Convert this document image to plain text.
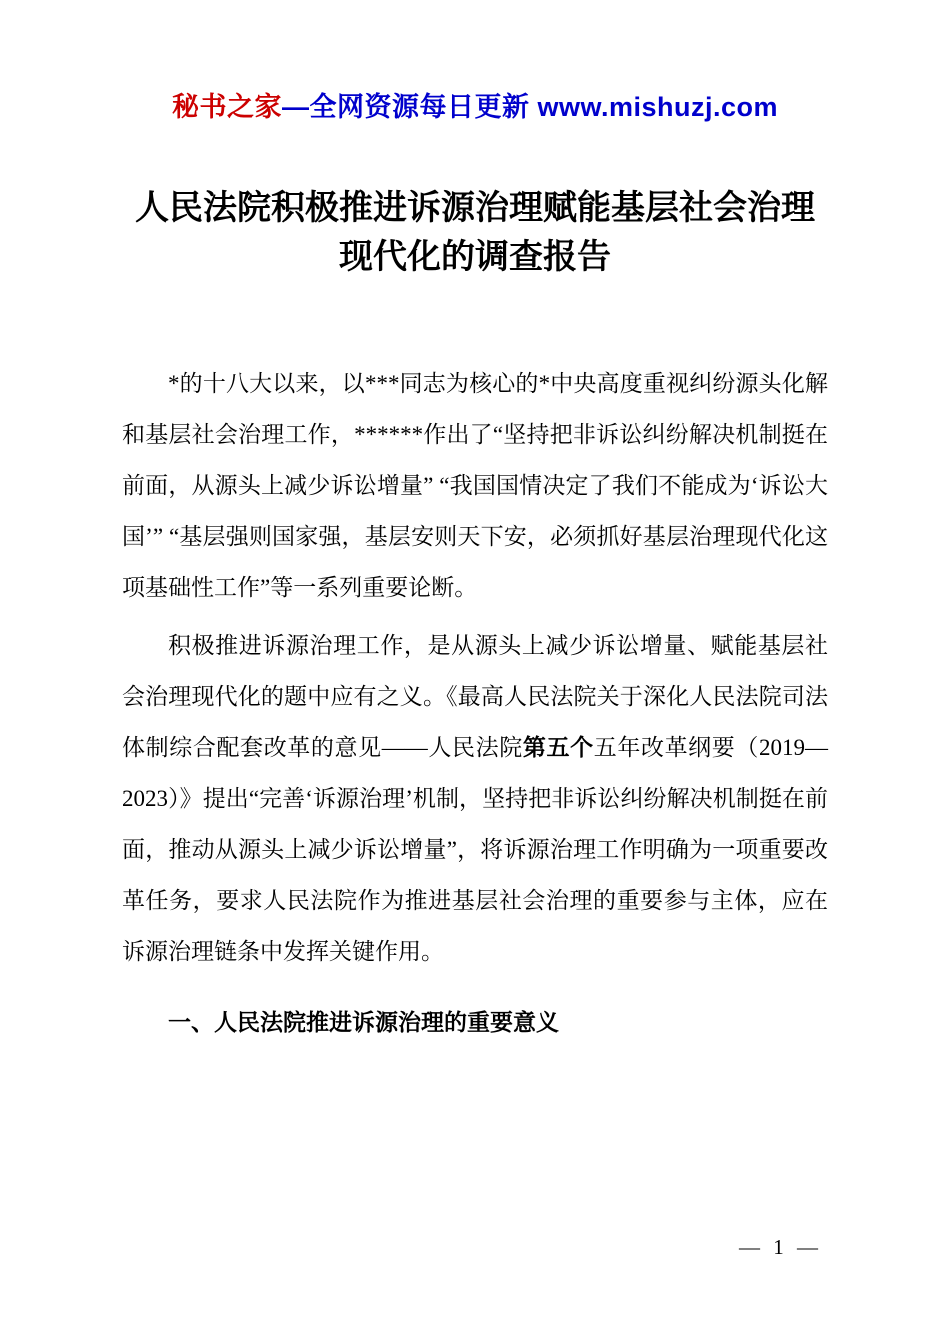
秘书之家—全网资源每日更新 www.mishuzj.com
人民法院积极推进诉源治理赋能基层社会治理
现代化的调查报告

*的十八大以来，以***同志为核心的*中央高度重视纠纷源头化解和基层社会治理工作，******作出了“坚持把非诉讼纠纷解决机制挺在前面，从源头上减少诉讼增量” “我国国情决定了我们不能成为‘诉讼大国’” “基层强则国家强，基层安则天下安，必须抓好基层治理现代化这项基础性工作”等一系列重要论断。

积极推进诉源治理工作，是从源头上减少诉讼增量、赋能基层社会治理现代化的题中应有之义。《最高人民法院关于深化人民法院司法体制综合配套改革的意见——人民法院第五个五年改革纲要（2019—2023）》提出“完善‘诉源治理’机制，坚持把非诉讼纠纷解决机制挺在前面，推动从源头上减少诉讼增量”，将诉源治理工作明确为一项重要改革任务，要求人民法院作为推进基层社会治理的重要参与主体，应在诉源治理链条中发挥关键作用。

一、人民法院推进诉源治理的重要意义

— 1 —
